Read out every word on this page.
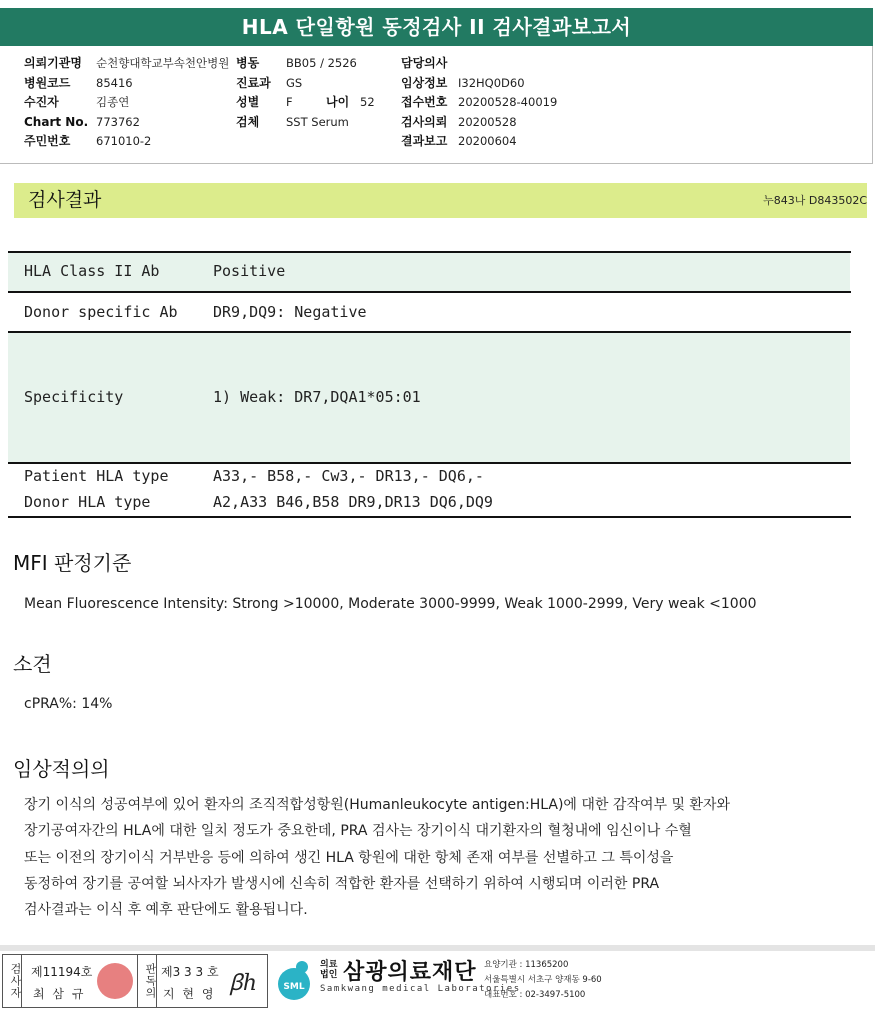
HLA 단일항원 동정검사 II 검사결과보고서
의뢰기관명 순천향대학교부속천안병원
병원코드 85416
수진자	김종연
Chart No. 773762
주민번호 671010-2
병동 BB05 / 2526
진료과 GS
성별 F	나이 52
검체 SST Serum
담당의사
임상정보 I32HQ0D60
접수번호 20200528-40019
검사의뢰 20200528
결과보고 20200604
검사결과	누843나 D843502C
HLA Class II Ab	Positive
Donor specific Ab DR9,DQ9: Negative
Specificity	1) Weak: DR7,DQA1*05:01
Patient HLA type	A33,- B58,- Cw3,- DR13,- DQ6,-
Donor HLA type	A2,A33 B46,B58 DR9,DR13 DQ6,DQ9
MFI 판정기준
Mean Fluorescence Intensity: Strong >10000, Moderate 3000-9999, Weak 1000-2999, Very weak <1000
소견
cPRA%: 14%
임상적의의
장기 이식의 성공여부에 있어 환자의 조직적합성항원(Humanleukocyte antigen:HLA)에 대한 감작여부 및 환자와
장기공여자간의 HLA에 대한 일치 정도가 중요한데, PRA 검사는 장기이식 대기환자의 혈청내에 임신이나 수혈
또는 이전의 장기이식 거부반응 등에 의하여 생긴 HLA 항원에 대한 항체 존재 여부를 선별하고 그 특이성을
동정하여 장기를 공여할 뇌사자가 발생시에 신속히 적합한 환자를 선택하기 위하여 시행되며 이러한 PRA
검사결과는 이식 후 예후 판단에도 활용됩니다.
검사자 제11194호
최 삼 규	판독의 제3 3 3 호
지 현 영 ꞵh	SML
의료
법인 삼광의료재단
Samkwang medical Laboratories
요양기관 : 11365200
서울특별시 서초구 양재동 9-60
대표번호 : 02-3497-5100
